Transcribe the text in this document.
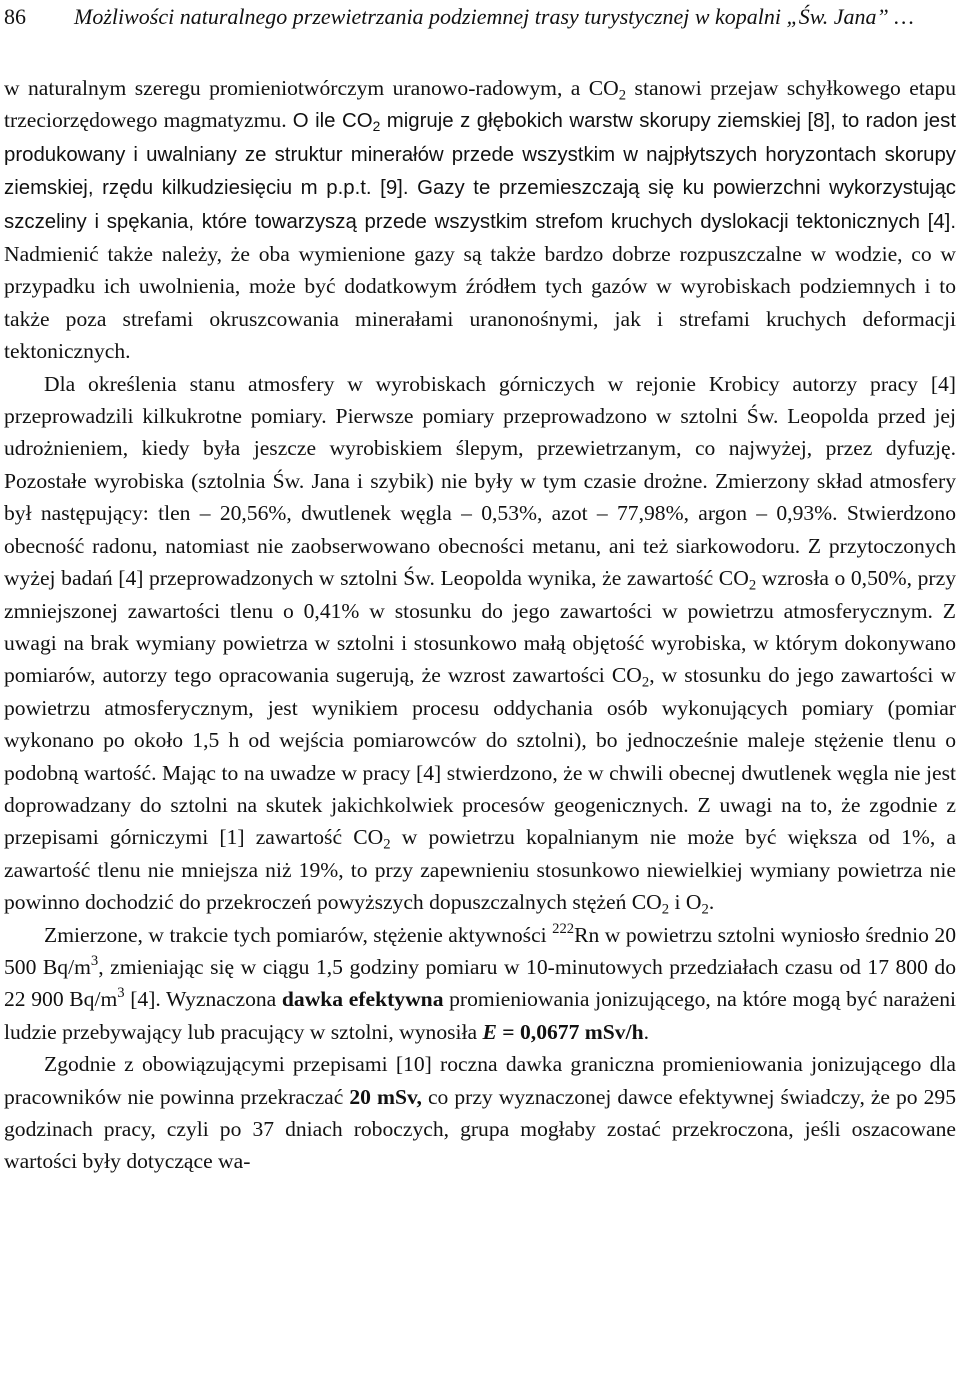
86 Możliwości naturalnego przewietrzania podziemnej trasy turystycznej w kopalni „Św. Jana” …

w naturalnym szeregu promieniotwórczym uranowo-radowym, a $CO_2$ stanowi przejaw schyłkowego etapu trzeciorzędowego magmatyzmu. O ile $CO_2$ migruje z głębokich warstw skorupy ziemskiej [8], to radon jest produkowany i uwalniany ze struktur minerałów przede wszystkim w najpłytszych horyzontach skorupy ziemskiej, rzędu kilkudziesięciu m p.p.t. [9]. Gazy te przemieszczają się ku powierzchni wykorzystując szczeliny i spękania, które towarzyszą przede wszystkim strefom kruchych dyslokacji tektonicznych [4]. Nadmienić także należy, że oba wymienione gazy są także bardzo dobrze rozpuszczalne w wodzie, co w przypadku ich uwolnienia, może być dodatkowym źródłem tych gazów w wyrobiskach podziemnych i to także poza strefami okruszcowania minerałami uranonośnymi, jak i strefami kruchych deformacji tektonicznych.

Dla określenia stanu atmosfery w wyrobiskach górniczych w rejonie Krobicy autorzy pracy [4] przeprowadzili kilkukrotne pomiary. Pierwsze pomiary przeprowadzono w sztolni Św. Leopolda przed jej udrożnieniem, kiedy była jeszcze wyrobiskiem ślepym, przewietrzanym, co najwyżej, przez dyfuzję. Pozostałe wyrobiska (sztolnia Św. Jana i szybik) nie były w tym czasie drożne. Zmierzony skład atmosfery był następujący: tlen – 20,56%, dwutlenek węgla – 0,53%, azot – 77,98%, argon – 0,93%. Stwierdzono obecność radonu, natomiast nie zaobserwowano obecności metanu, ani też siarkowodoru. Z przytoczonych wyżej badań [4] przeprowadzonych w sztolni Św. Leopolda wynika, że zawartość $CO_2$ wzrosła o 0,50%, przy zmniejszonej zawartości tlenu o 0,41% w stosunku do jego zawartości w powietrzu atmosferycznym. Z uwagi na brak wymiany powietrza w sztolni i stosunkowo małą objętość wyrobiska, w którym dokonywano pomiarów, autorzy tego opracowania sugerują, że wzrost zawartości $CO_2$, w stosunku do jego zawartości w powietrzu atmosferycznym, jest wynikiem procesu oddychania osób wykonujących pomiary (pomiar wykonano po około 1,5 h od wejścia pomiarowców do sztolni), bo jednocześnie maleje stężenie tlenu o podobną wartość. Mając to na uwadze w pracy [4] stwierdzono, że w chwili obecnej dwutlenek węgla nie jest doprowadzany do sztolni na skutek jakichkolwiek procesów geogenicznych. Z uwagi na to, że zgodnie z przepisami górniczymi [1] zawartość $CO_2$ w powietrzu kopalnianym nie może być większa od 1%, a zawartość tlenu nie mniejsza niż 19%, to przy zapewnieniu stosunkowo niewielkiej wymiany powietrza nie powinno dochodzić do przekroczeń powyższych dopuszczalnych stężeń $CO_2$ i $O_2$.

Zmierzone, w trakcie tych pomiarów, stężenie aktywności $^{222}$Rn w powietrzu sztolni wyniosło średnio 20 500 $Bq/m^3$, zmieniając się w ciągu 1,5 godziny pomiaru w 10-minutowych przedziałach czasu od 17 800 do 22 900 $Bq/m^3$ [4]. Wyznaczona dawka efektywna promieniowania jonizującego, na które mogą być narażeni ludzie przebywający lub pracujący w sztolni, wynosiła E = 0,0677 mSv/h.

Zgodnie z obowiązującymi przepisami [10] roczna dawka graniczna promieniowania jonizującego dla pracowników nie powinna przekraczać 20 mSv, co przy wyznaczonej dawce efektywnej świadczy, że po 295 godzinach pracy, czyli po 37 dniach roboczych, grupa mogłaby zostać przekroczona, jeśli oszacowane wartości były dotyczące wa-
